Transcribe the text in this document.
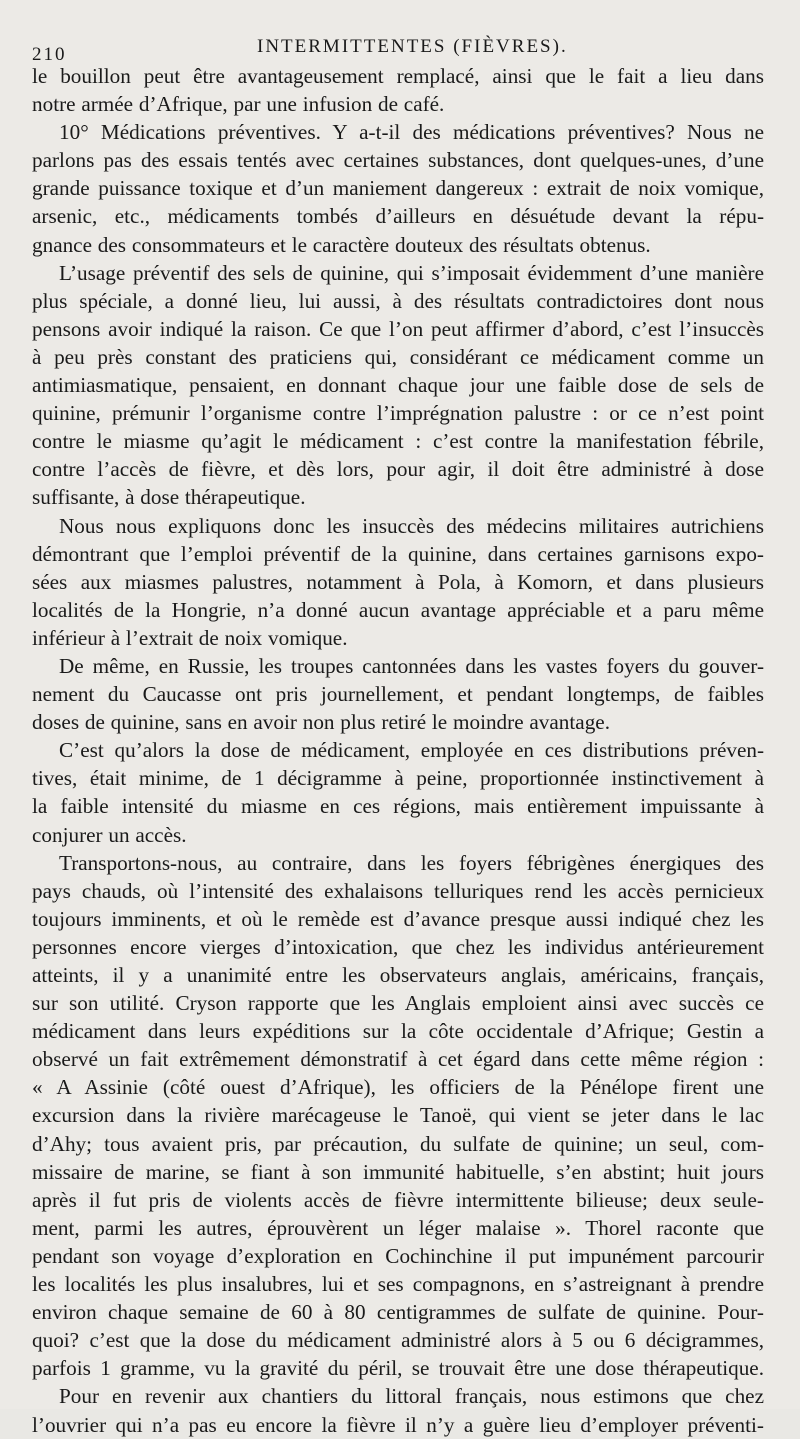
210	INTERMITTENTES (FIÈVRES).
le bouillon peut être avantageusement remplacé, ainsi que le fait a lieu dans
notre armée d’Afrique, par une infusion de café.
10° Médications préventives. Y a-t-il des médications préventives? Nous ne
parlons pas des essais tentés avec certaines substances, dont quelques-unes, d’une
grande puissance toxique et d’un maniement dangereux : extrait de noix vomique,
arsenic, etc., médicaments tombés d’ailleurs en désuétude devant la répu-
gnance des consommateurs et le caractère douteux des résultats obtenus.
L’usage préventif des sels de quinine, qui s’imposait évidemment d’une manière
plus spéciale, a donné lieu, lui aussi, à des résultats contradictoires dont nous
pensons avoir indiqué la raison. Ce que l’on peut affirmer d’abord, c’est l’insuccès
à peu près constant des praticiens qui, considérant ce médicament comme un
antimiasmatique, pensaient, en donnant chaque jour une faible dose de sels de
quinine, prémunir l’organisme contre l’imprégnation palustre : or ce n’est point
contre le miasme qu’agit le médicament : c’est contre la manifestation fébrile,
contre l’accès de fièvre, et dès lors, pour agir, il doit être administré à dose
suffisante, à dose thérapeutique.
Nous nous expliquons donc les insuccès des médecins militaires autrichiens
démontrant que l’emploi préventif de la quinine, dans certaines garnisons expo-
sées aux miasmes palustres, notamment à Pola, à Komorn, et dans plusieurs
localités de la Hongrie, n’a donné aucun avantage appréciable et a paru même
inférieur à l’extrait de noix vomique.
De même, en Russie, les troupes cantonnées dans les vastes foyers du gouver-
nement du Caucasse ont pris journellement, et pendant longtemps, de faibles
doses de quinine, sans en avoir non plus retiré le moindre avantage.
C’est qu’alors la dose de médicament, employée en ces distributions préven-
tives, était minime, de 1 décigramme à peine, proportionnée instinctivement à
la faible intensité du miasme en ces régions, mais entièrement impuissante à
conjurer un accès.
Transportons-nous, au contraire, dans les foyers fébrigènes énergiques des
pays chauds, où l’intensité des exhalaisons telluriques rend les accès pernicieux
toujours imminents, et où le remède est d’avance presque aussi indiqué chez les
personnes encore vierges d’intoxication, que chez les individus antérieurement
atteints, il y a unanimité entre les observateurs anglais, américains, français,
sur son utilité. Cryson rapporte que les Anglais emploient ainsi avec succès ce
médicament dans leurs expéditions sur la côte occidentale d’Afrique; Gestin a
observé un fait extrêmement démonstratif à cet égard dans cette même région :
« A Assinie (côté ouest d’Afrique), les officiers de la Pénélope firent une
excursion dans la rivière marécageuse le Tanoë, qui vient se jeter dans le lac
d’Ahy; tous avaient pris, par précaution, du sulfate de quinine; un seul, com-
missaire de marine, se fiant à son immunité habituelle, s’en abstint; huit jours
après il fut pris de violents accès de fièvre intermittente bilieuse; deux seule-
ment, parmi les autres, éprouvèrent un léger malaise ». Thorel raconte que
pendant son voyage d’exploration en Cochinchine il put impunément parcourir
les localités les plus insalubres, lui et ses compagnons, en s’astreignant à prendre
environ chaque semaine de 60 à 80 centigrammes de sulfate de quinine. Pour-
quoi? c’est que la dose du médicament administré alors à 5 ou 6 décigrammes,
parfois 1 gramme, vu la gravité du péril, se trouvait être une dose thérapeutique.
Pour en revenir aux chantiers du littoral français, nous estimons que chez
l’ouvrier qui n’a pas eu encore la fièvre il n’y a guère lieu d’employer préventi-
